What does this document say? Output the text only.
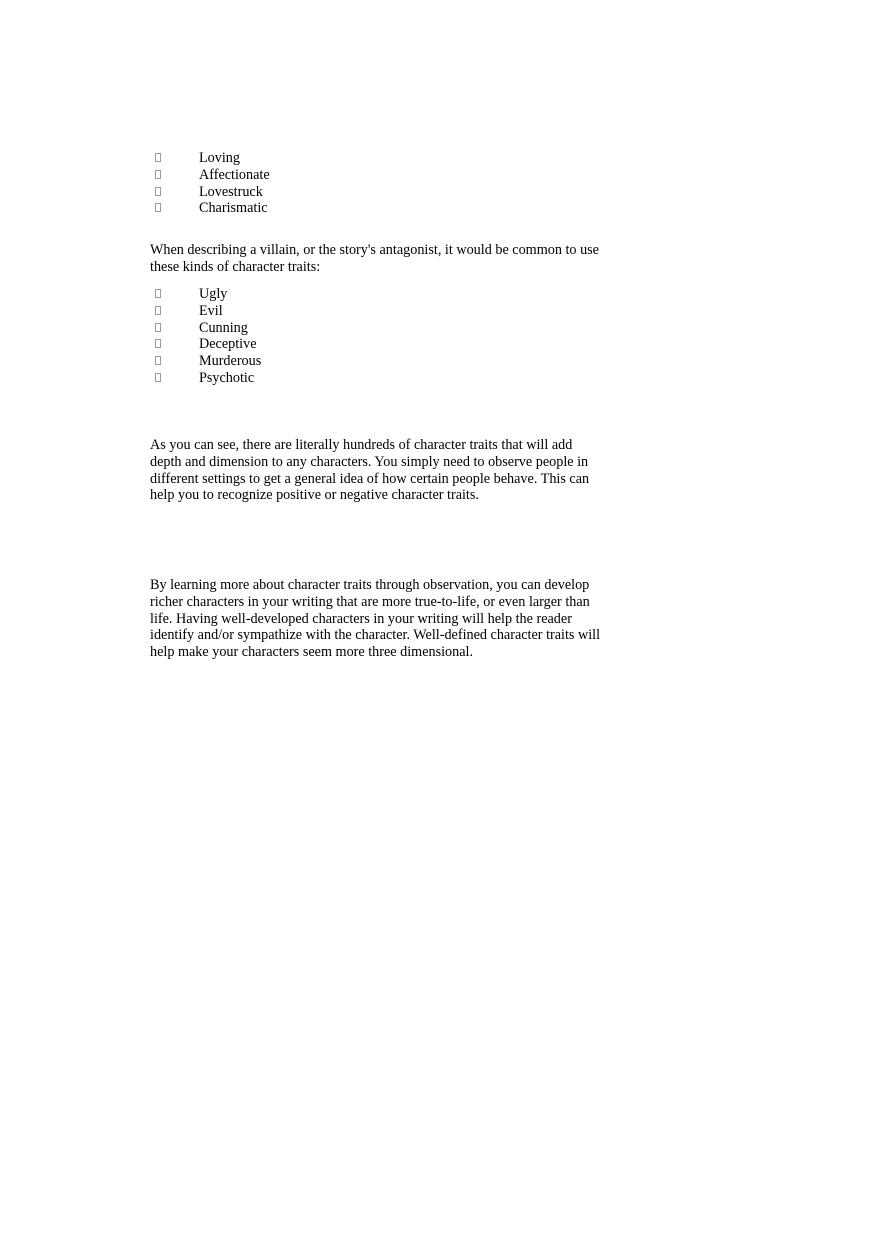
Loving
Affectionate
Lovestruck
Charismatic
When describing a villain, or the story's antagonist, it would be common to use
these kinds of character traits:
Ugly
Evil
Cunning
Deceptive
Murderous
Psychotic
As you can see, there are literally hundreds of character traits that will add
depth and dimension to any characters. You simply need to observe people in
different settings to get a general idea of how certain people behave. This can
help you to recognize positive or negative character traits.
By learning more about character traits through observation, you can develop
richer characters in your writing that are more true-to-life, or even larger than
life. Having well-developed characters in your writing will help the reader
identify and/or sympathize with the character. Well-defined character traits will
help make your characters seem more three dimensional.
